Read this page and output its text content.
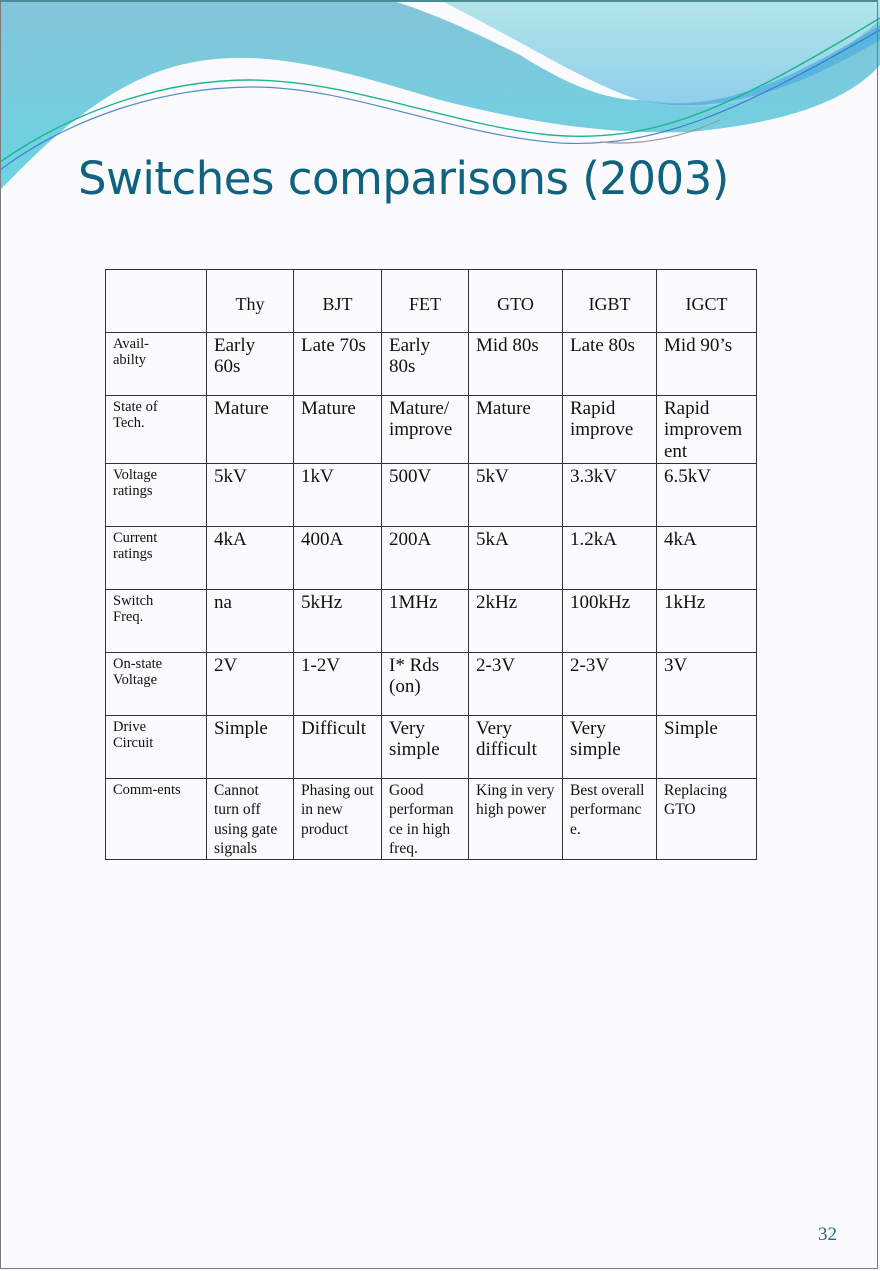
Switches comparisons (2003)
	Thy	BJT	FET	GTO	IGBT	IGCT
Avail-
abilty	Early 60s	Late 70s	Early 80s	Mid 80s	Late 80s	Mid 90’s
State of
Tech.	Mature	Mature	Mature/ improve	Mature	Rapid improve	Rapid improvem ent
Voltage
ratings	5kV	1kV	500V	5kV	3.3kV	6.5kV
Current
ratings	4kA	400A	200A	5kA	1.2kA	4kA
Switch
Freq.	na	5kHz	1MHz	2kHz	100kHz	1kHz
On-state
Voltage	2V	1-2V	I* Rds (on)	2-3V	2-3V	3V
Drive
Circuit	Simple	Difficult	Very simple	Very difficult	Very simple	Simple
Comm-ents	Cannot turn off using gate signals	Phasing out in new product	Good performan ce in high freq.	King in very high power	Best overall performanc e.	Replacing GTO
32
